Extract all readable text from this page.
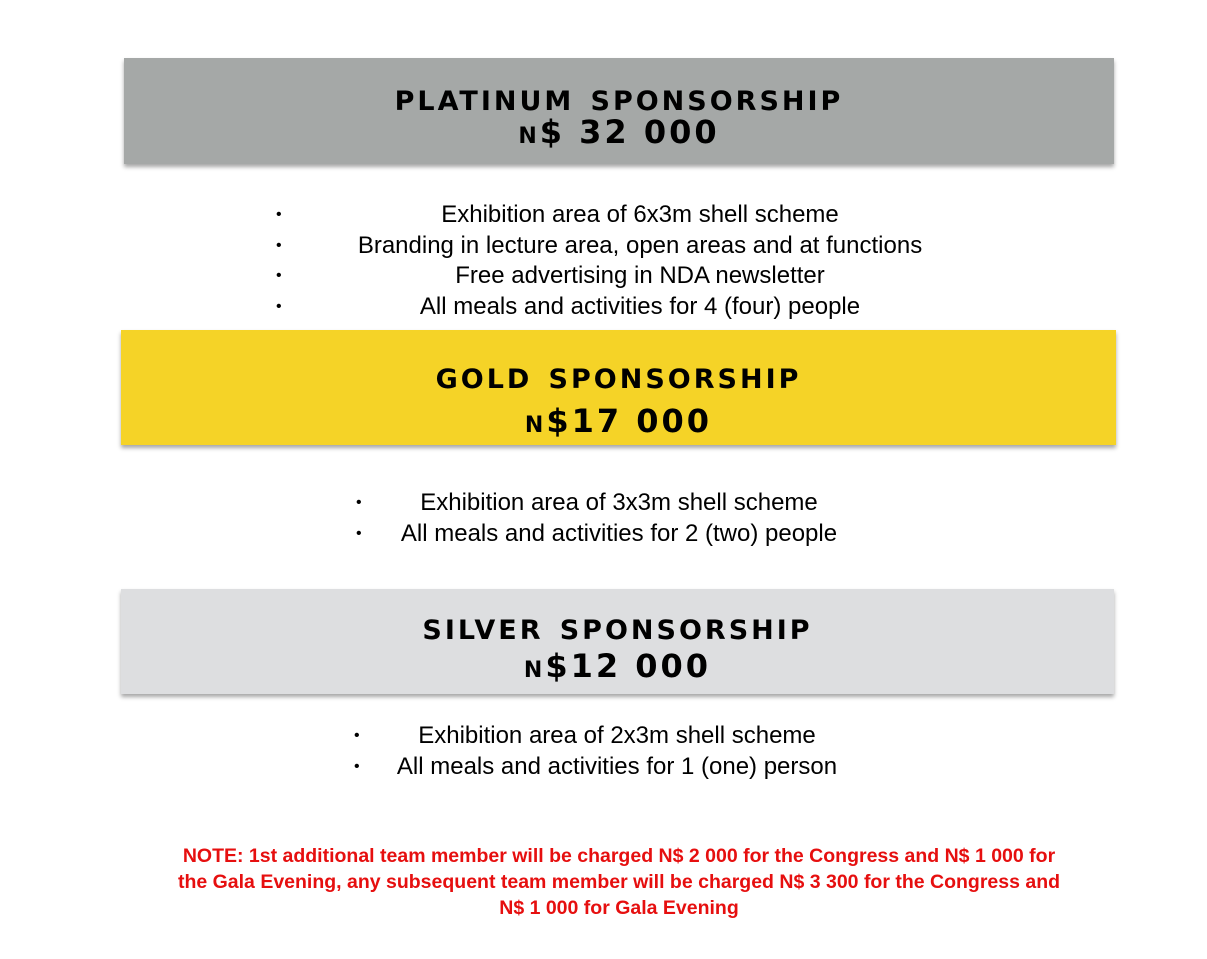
platinum sponsorship
n$ 32 000
•	Exhibition area of 6x3m shell scheme
•	Branding in lecture area, open areas and at functions
•	Free advertising in NDA newsletter
•	All meals and activities for 4 (four) people
gold sponsorship
n$17 000
•	Exhibition area of 3x3m shell scheme
•	All meals and activities for 2 (two) people
silver sponsorship
n$12 000
•	Exhibition area of 2x3m shell scheme
•	All meals and activities for 1 (one) person
NOTE: 1st additional team member will be charged N$ 2 000 for the Congress and N$ 1 000 for
the Gala Evening, any subsequent team member will be charged N$ 3 300 for the Congress and
N$ 1 000 for Gala Evening
